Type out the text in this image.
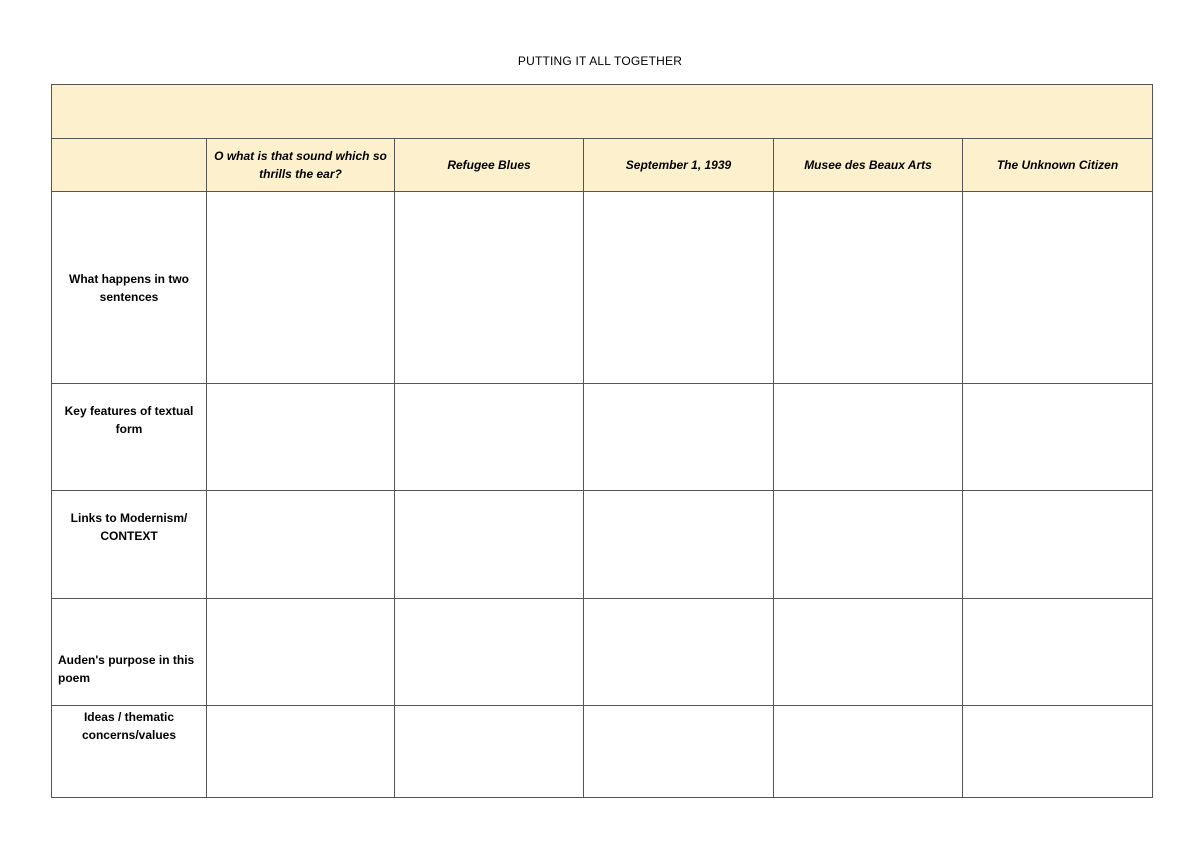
PUTTING IT ALL TOGETHER

	O what is that sound which so thrills the ear?	Refugee Blues	September 1, 1939	Musee des Beaux Arts	The Unknown Citizen
What happens in two sentences					
Key features of textual form					
Links to Modernism/ CONTEXT					
Auden's purpose in this poem					
Ideas / thematic concerns/values					
